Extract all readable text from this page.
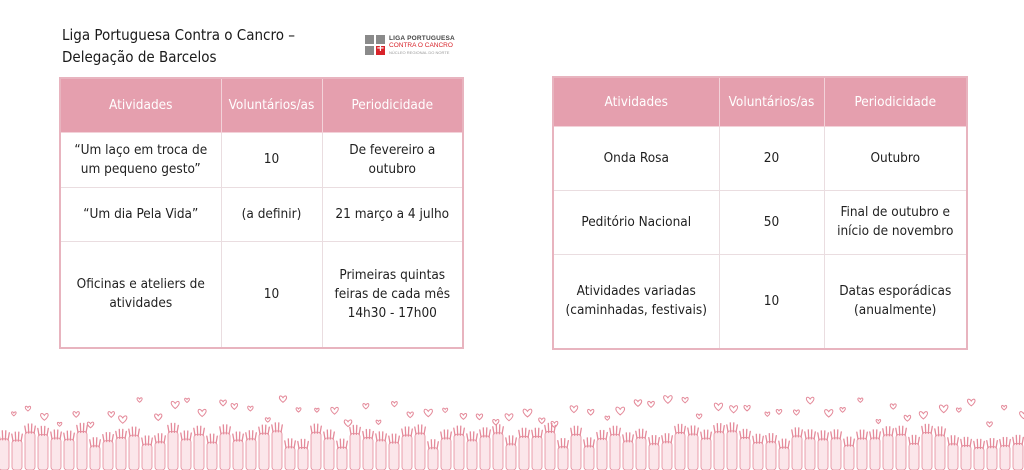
Liga Portuguesa Contra o Cancro –
Delegação de Barcelos
+
LIGA PORTUGUESA
CONTRA O CANCRO
NÚCLEO REGIONAL DO NORTE
Atividades	Voluntários/as	Periodicidade
“Um laço em troca de um pequeno gesto”	10	De fevereiro a outubro
“Um dia Pela Vida”	(a definir)	21 março a 4 julho
Oficinas e ateliers de atividades	10	Primeiras quintas feiras de cada mês 14h30 - 17h00
Atividades	Voluntários/as	Periodicidade
Onda Rosa	20	Outubro
Peditório Nacional	50	Final de outubro e início de novembro
Atividades variadas (caminhadas, festivais)	10	Datas esporádicas (anualmente)
